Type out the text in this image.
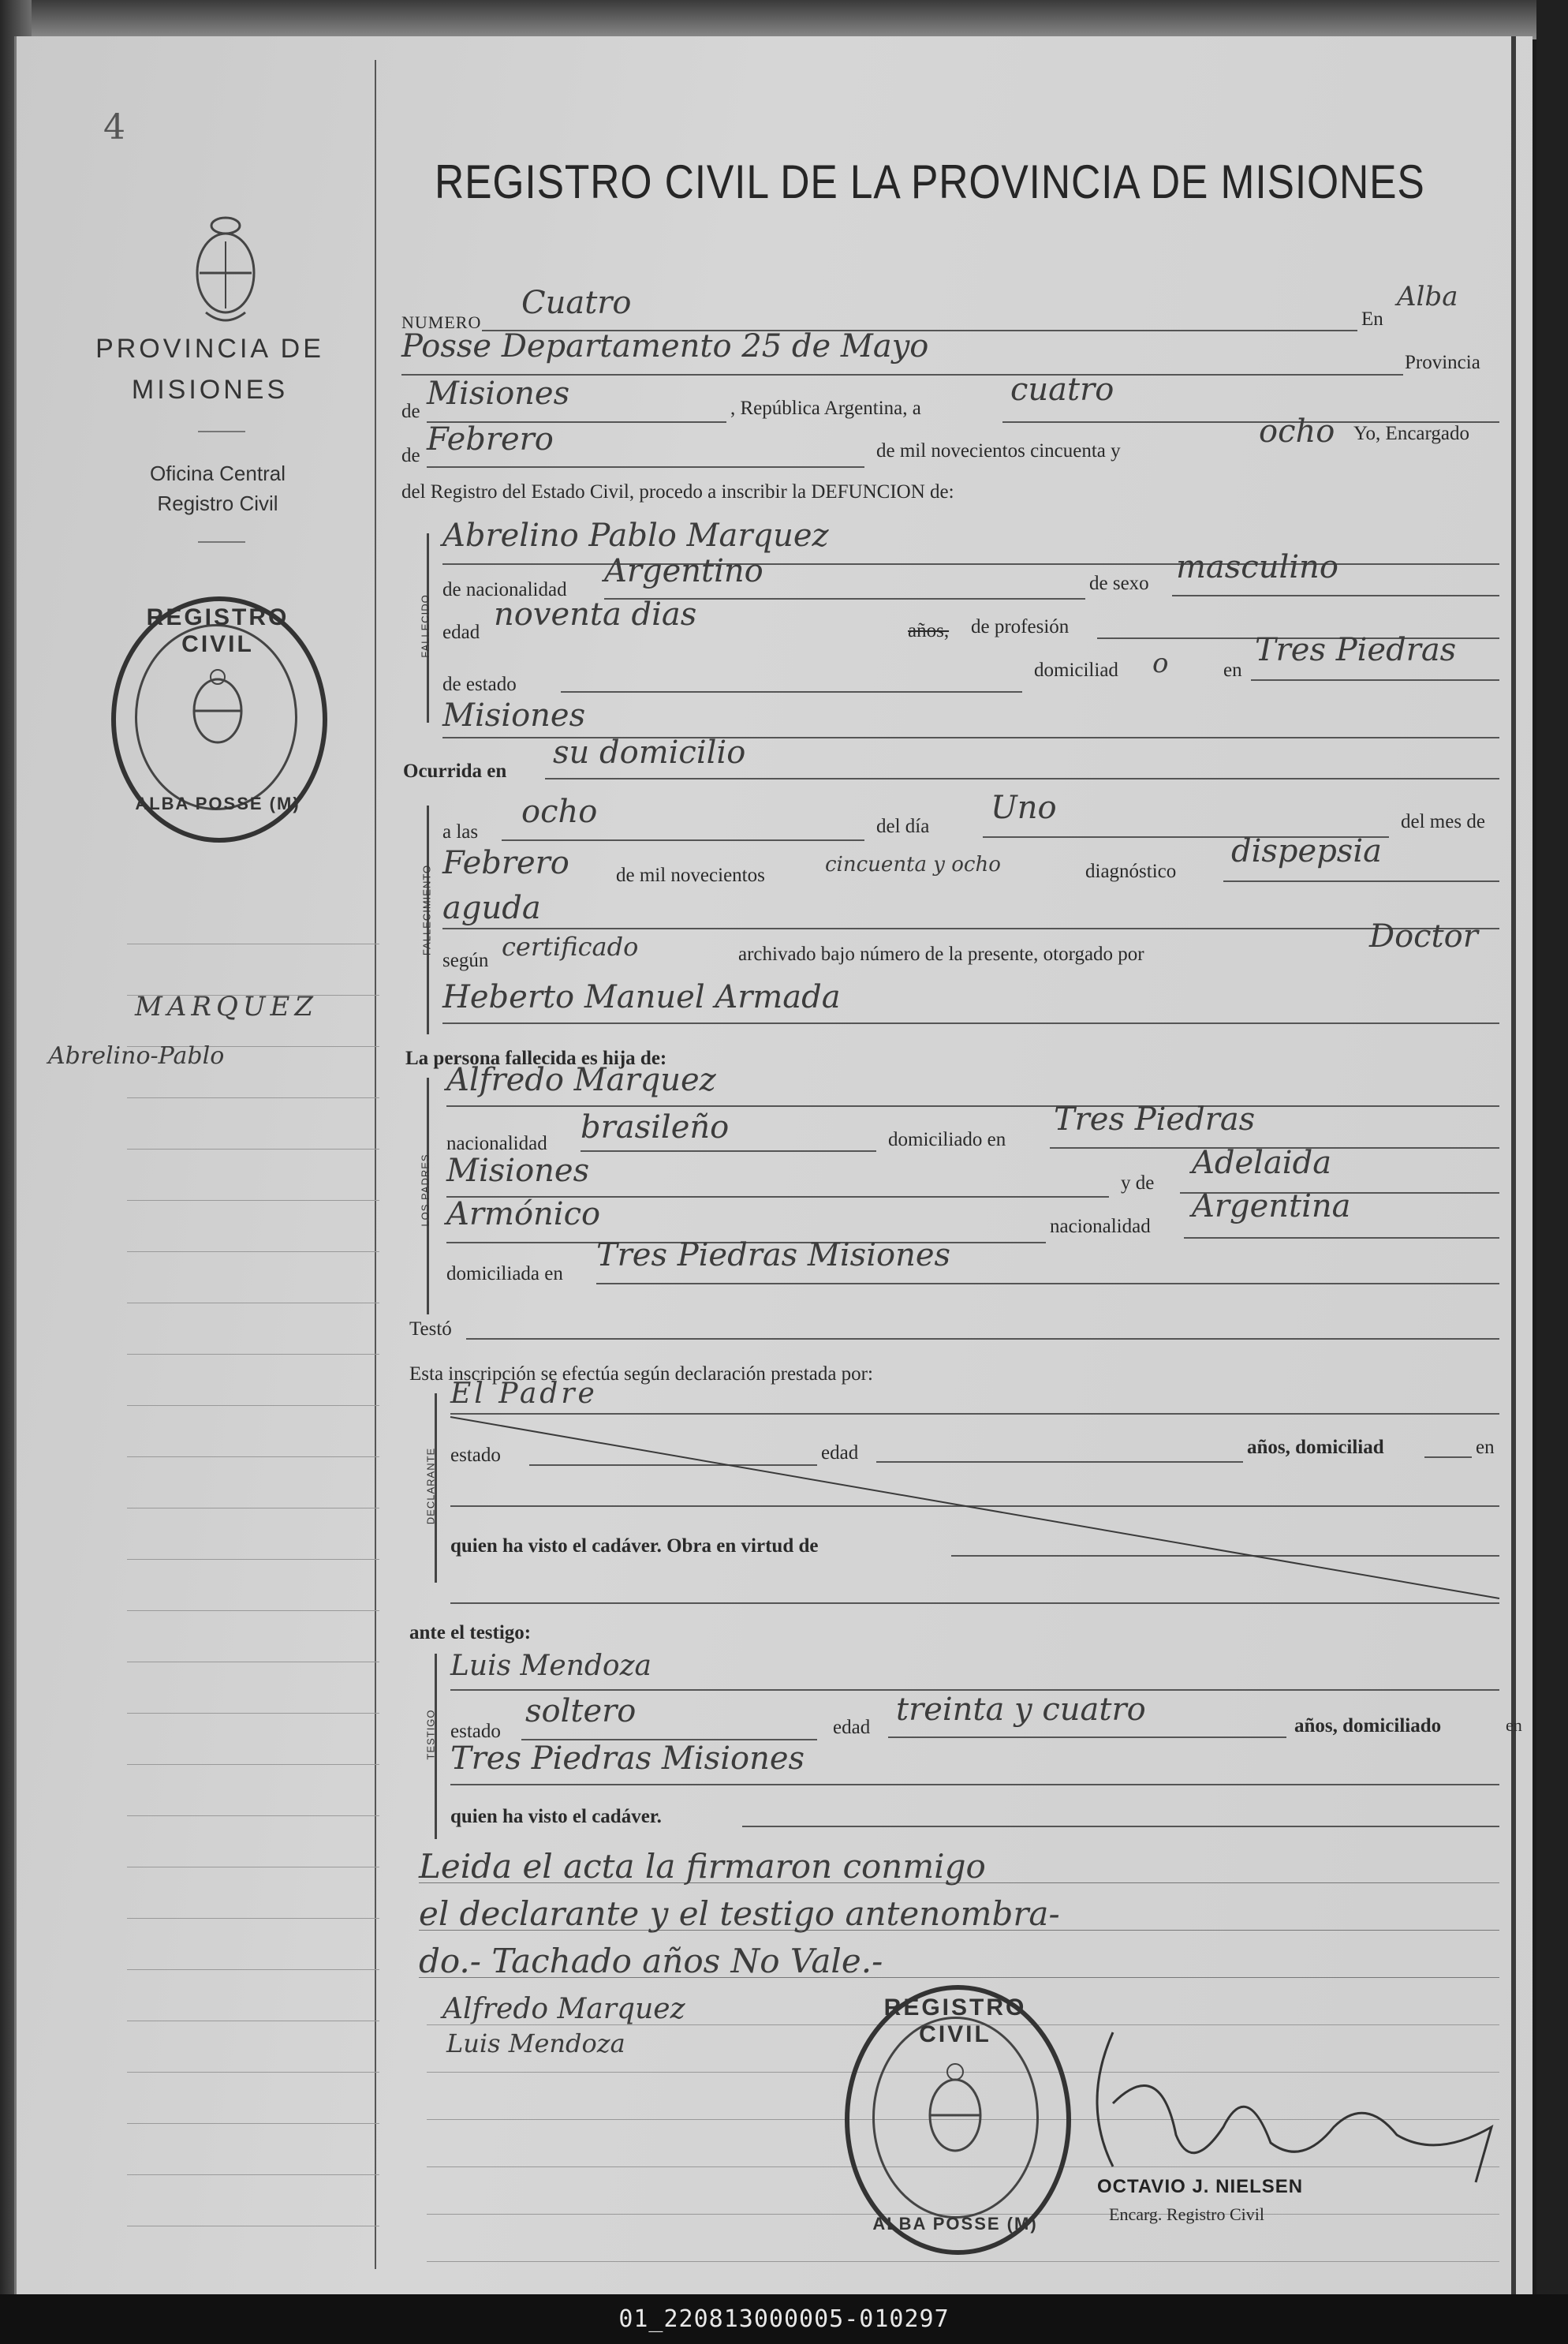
4
PROVINCIA DE
MISIONES
Oficina Central
Registro Civil
REGISTRO CIVIL
ALBA POSSE (M)
MARQUEZ
Abrelino-Pablo
REGISTRO CIVIL DE LA PROVINCIA DE MISIONES
NUMERO
Cuatro	En
Alba
Posse Departamento 25 de Mayo	Provincia
de Misiones	, República Argentina, a
cuatro
de Febrero	de mil novecientos cincuenta y
ocho Yo, Encargado
del Registro del Estado Civil, procedo a inscribir la DEFUNCION de:
FALLECIDO
Abrelino Pablo Marquez
de nacionalidad
Argentino	de sexo masculino
edad noventa dias	años, de profesión
de estado
domiciliad o	en
Tres Piedras
Misiones
Ocurrida en
su domicilio
FALLECIMIENTO
a las
ocho	del día
Uno	del mes de
Febrero de mil novecientos	cincuenta y ocho	diagnóstico
dispepsia
aguda
según certificado	archivado bajo número de la presente, otorgado por	Doctor
Heberto Manuel Armada
La persona fallecida es hija de:
LOS PADRES
Alfredo Marquez
nacionalidad brasileño	domiciliado en
Tres Piedras
Misiones	y de
Adelaida
Armónico	nacionalidad
Argentina
domiciliada en
Tres Piedras Misiones
Testó
Esta inscripción se efectúa según declaración prestada por:
DECLARANTE
El Padre
estado	edad	años, domiciliad	en
quien ha visto el cadáver. Obra en virtud de
ante el testigo:
TESTIGO
Luis Mendoza
estado
soltero	edad treinta y cuatro	años, domiciliado	en
Tres Piedras Misiones
quien ha visto el cadáver.
Leida el acta la firmaron conmigo
el declarante y el testigo antenombra-
do.- Tachado años No Vale.-
Alfredo Marquez
Luis Mendoza
REGISTRO CIVIL
ALBA POSSE (M)
OCTAVIO J. NIELSEN
Encarg. Registro Civil
01_220813000005-010297
